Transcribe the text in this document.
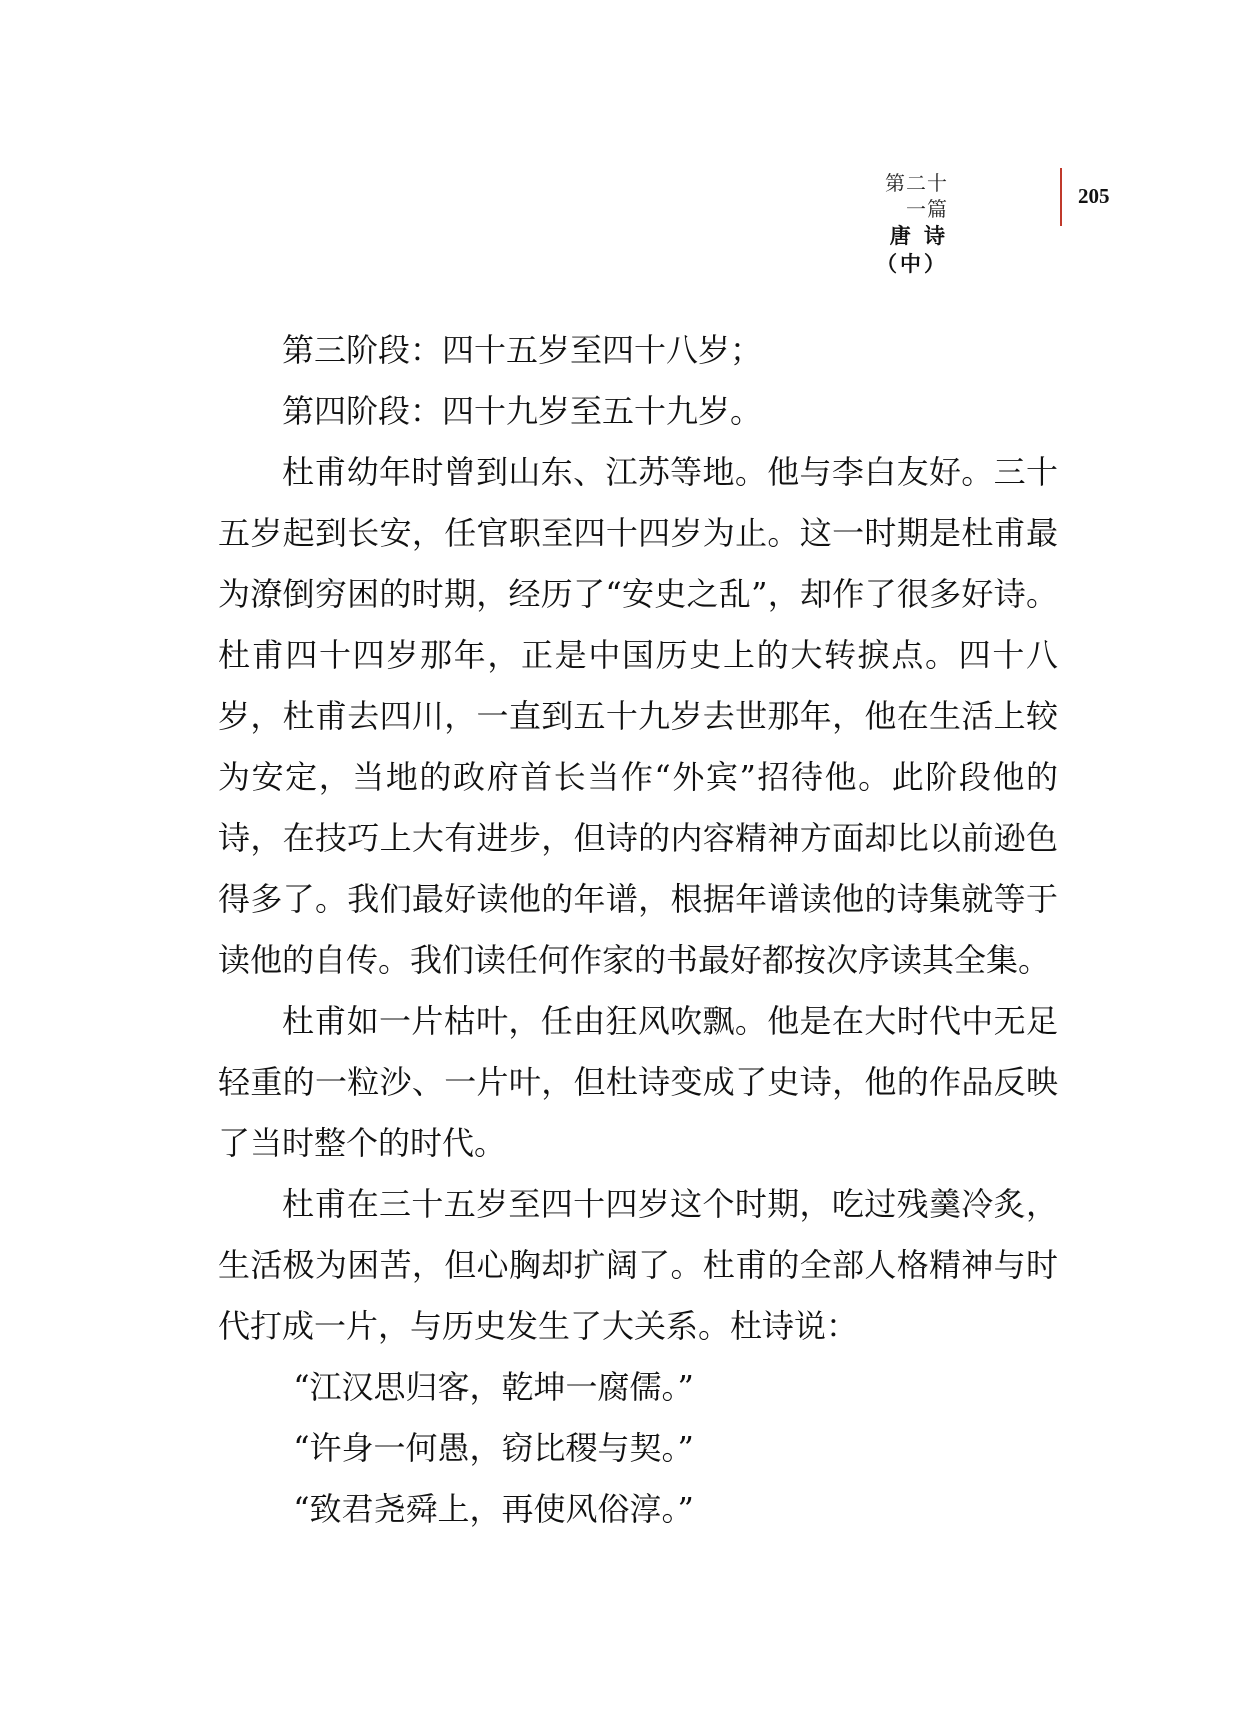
第二十一篇
唐 诗（中）
205

第三阶段：四十五岁至四十八岁；

第四阶段：四十九岁至五十九岁。

杜甫幼年时曾到山东、江苏等地。他与李白友好。三十五岁起到长安，任官职至四十四岁为止。这一时期是杜甫最为潦倒穷困的时期，经历了“安史之乱”，却作了很多好诗。杜甫四十四岁那年，正是中国历史上的大转捩点。四十八岁，杜甫去四川，一直到五十九岁去世那年，他在生活上较为安定，当地的政府首长当作“外宾”招待他。此阶段他的诗，在技巧上大有进步，但诗的内容精神方面却比以前逊色得多了。我们最好读他的年谱，根据年谱读他的诗集就等于读他的自传。我们读任何作家的书最好都按次序读其全集。

杜甫如一片枯叶，任由狂风吹飘。他是在大时代中无足轻重的一粒沙、一片叶，但杜诗变成了史诗，他的作品反映了当时整个的时代。

杜甫在三十五岁至四十四岁这个时期，吃过残羹冷炙，生活极为困苦，但心胸却扩阔了。杜甫的全部人格精神与时代打成一片，与历史发生了大关系。杜诗说：

“江汉思归客，乾坤一腐儒。”

“许身一何愚，窃比稷与契。”

“致君尧舜上，再使风俗淳。”
